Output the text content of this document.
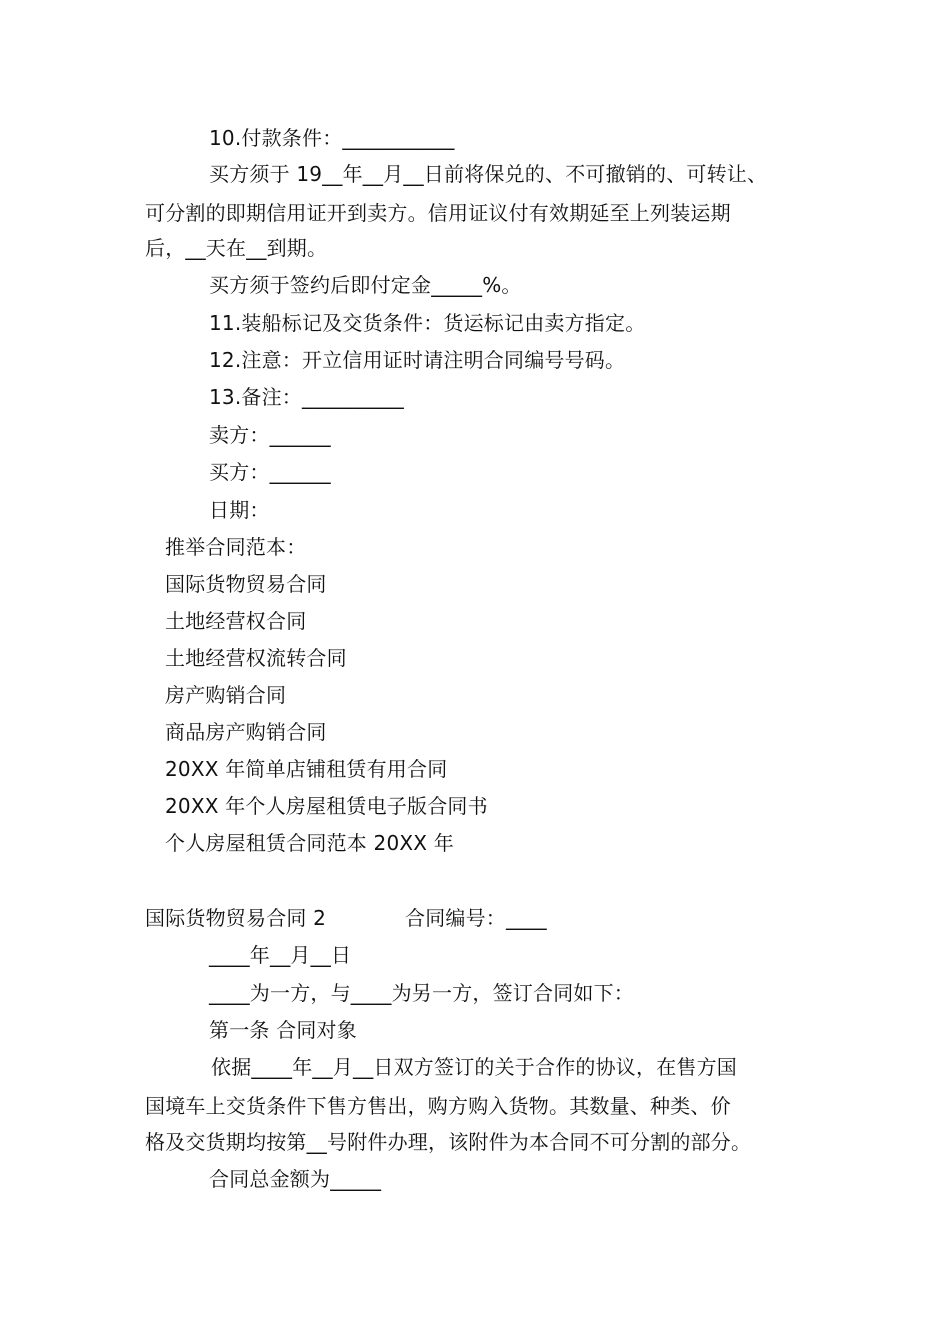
10.付款条件：___________
买方须于 19__年__月__日前将保兑的、不可撤销的、可转让、
可分割的即期信用证开到卖方。信用证议付有效期延至上列装运期
后，__天在__到期。
买方须于签约后即付定金_____%。
11.装船标记及交货条件：货运标记由卖方指定。
12.注意：开立信用证时请注明合同编号号码。
13.备注：__________
卖方：______
买方：______
日期：
推举合同范本：
国际货物贸易合同
土地经营权合同
土地经营权流转合同
房产购销合同
商品房产购销合同
20XX 年简单店铺租赁有用合同
20XX 年个人房屋租赁电子版合同书
个人房屋租赁合同范本 20XX 年
国际货物贸易合同 2	合同编号：____
____年__月__日
____为一方，与____为另一方，签订合同如下：
第一条 合同对象
依据____年__月__日双方签订的关于合作的协议，在售方国
国境车上交货条件下售方售出，购方购入货物。其数量、种类、价
格及交货期均按第__号附件办理，该附件为本合同不可分割的部分。
合同总金额为_____
